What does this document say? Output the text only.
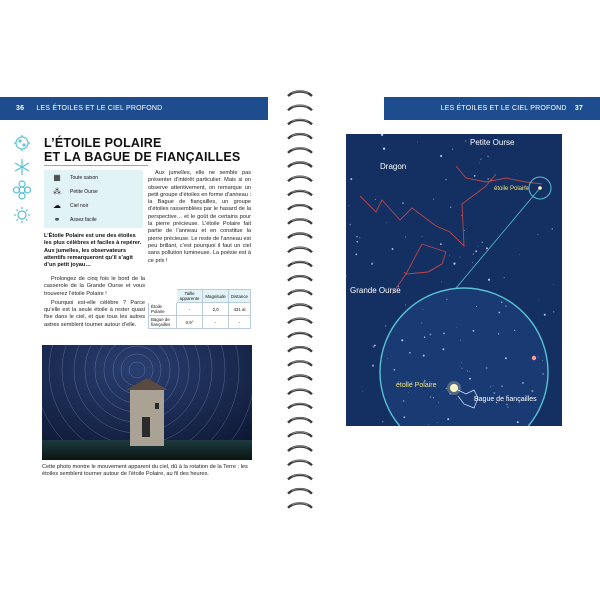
36 LES ÉTOILES ET LE CIEL PROFOND
L’ÉTOILE POLAIRE
ET LA BAGUE DE FIANÇAILLES
▦ Toute saison
⁂ Petite Ourse
☁ Ciel noir
⚭ Assez facile
L’Étoile Polaire est une des étoiles les plus célèbres et faciles à repérer. Aux jumelles, les observateurs attentifs remarqueront qu’il s’agit d’un petit joyau…

Prolongez de cinq fois le bord de la casserole de la Grande Ourse et vous trouverez l’étoile Polaire !

Pourquoi est-elle célèbre ? Parce qu’elle est la seule étoile à rester quasi fixe dans le ciel, et que tous les autres astres semblent tourner autour d’elle.

Aux jumelles, elle ne semble pas présenter d’intérêt particulier. Mais si on observe attentivement, on remarque un petit groupe d’étoiles en forme d’anneau : la Bague de fiançailles, un groupe d’étoiles rassemblées par le hasard de la perspective… et le goût de certains pour la pierre précieuse. L’étoile Polaire fait partie de l’anneau et en constitue la pierre précieuse. Le reste de l’anneau est peu brillant, c’est pourquoi il faut un ciel sans pollution lumineuse. La poésie est à ce prix !

	Taille apparente	Magnitude	Distance
Étoile Polaire	-	2,0	431 al
Bague de fiançailles	0,9°	-	-
Cette photo montre le mouvement apparent du ciel, dû à la rotation de la Terre : les étoiles semblent tourner autour de l’étoile Polaire, au fil des heures.
LES ÉTOILES ET LE CIEL PROFOND 37
Dragon
Petite Ourse
étoile Polaire
Grande Ourse
étoile Polaire
Bague de fiançailles
